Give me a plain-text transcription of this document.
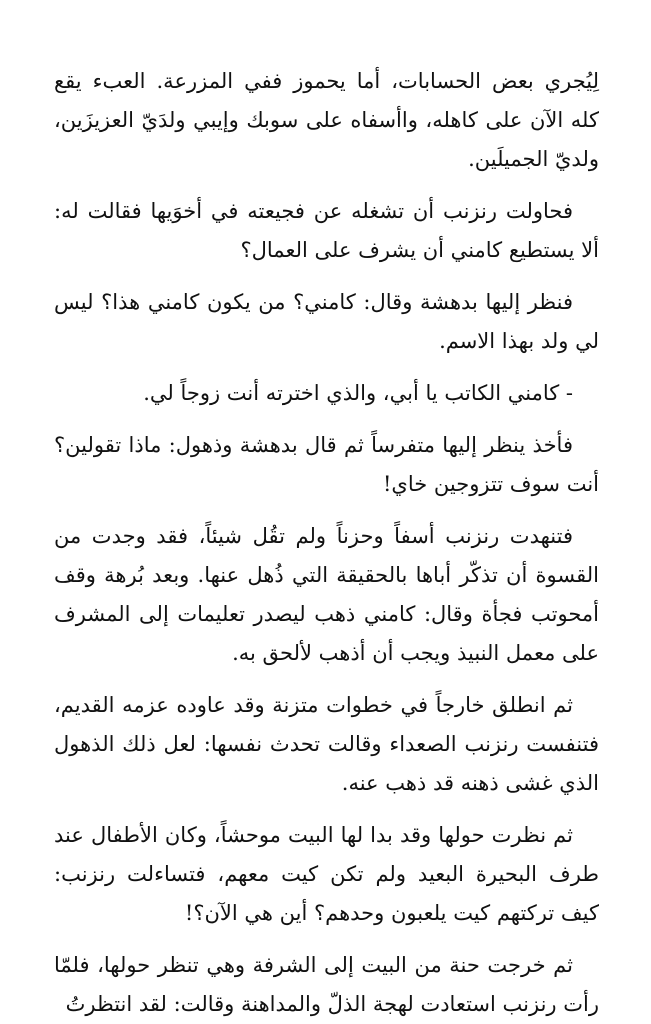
لِيُجري بعض الحسابات، أما يحموز ففي المزرعة. العبء يقع كله الآن على كاهله، واأسفاه على سوبك وإيبي ولدَيّ العزيزَين، ولديّ الجميلَين.

فحاولت رنزنب أن تشغله عن فجيعته في أخوَيها فقالت له: ألا يستطيع كامني أن يشرف على العمال؟

فنظر إليها بدهشة وقال: كامني؟ من يكون كامني هذا؟ ليس لي ولد بهذا الاسم.

- كامني الكاتب يا أبي، والذي اخترته أنت زوجاً لي.

فأخذ ينظر إليها متفرساً ثم قال بدهشة وذهول: ماذا تقولين؟ أنت سوف تتزوجين خاي!

فتنهدت رنزنب أسفاً وحزناً ولم تقُل شيئاً، فقد وجدت من القسوة أن تذكّر أباها بالحقيقة التي ذُهل عنها. وبعد بُرهة وقف أمحوتب فجأة وقال: كامني ذهب ليصدر تعليمات إلى المشرف على معمل النبيذ ويجب أن أذهب لألحق به.

ثم انطلق خارجاً في خطوات متزنة وقد عاوده عزمه القديم، فتنفست رنزنب الصعداء وقالت تحدث نفسها: لعل ذلك الذهول الذي غشى ذهنه قد ذهب عنه.

ثم نظرت حولها وقد بدا لها البيت موحشاً، وكان الأطفال عند طرف البحيرة البعيد ولم تكن كيت معهم، فتساءلت رنزنب: كيف تركتهم كيت يلعبون وحدهم؟ أين هي الآن؟!

ثم خرجت حنة من البيت إلى الشرفة وهي تنظر حولها، فلمّا رأت رنزنب استعادت لهجة الذلّ والمداهنة وقالت: لقد انتظرتُ
